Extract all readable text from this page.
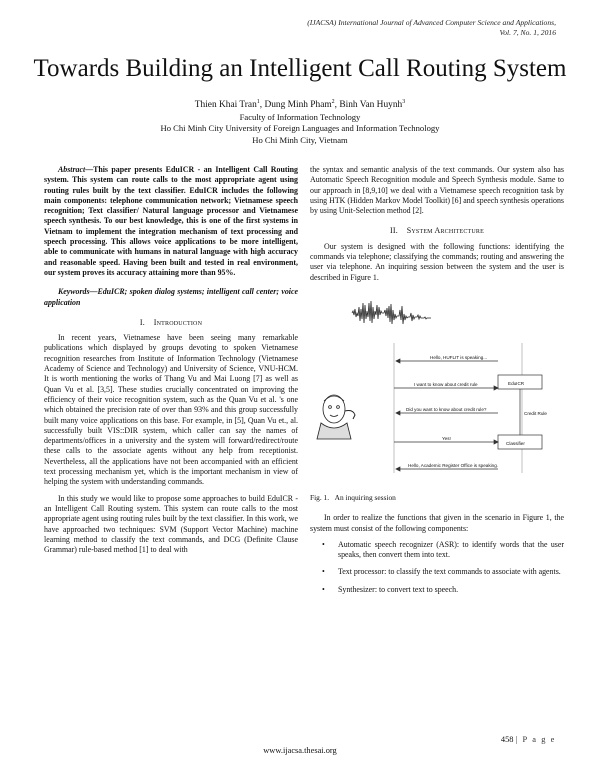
(IJACSA) International Journal of Advanced Computer Science and Applications,
Vol. 7, No. 1, 2016
Towards Building an Intelligent Call Routing System
Thien Khai Tran$^1$, Dung Minh Pham$^2$, Binh Van Huynh$^3$
Faculty of Information Technology
Ho Chi Minh City University of Foreign Languages and Information Technology
Ho Chi Minh City, Vietnam

Abstract—This paper presents EduICR - an Intelligent Call Routing system. This system can route calls to the most appropriate agent using routing rules built by the text classifier. EduICR includes the following main components: telephone communication network; Vietnamese speech recognition; Text classifier/ Natural language processor and Vietnamese speech synthesis. To our best knowledge, this is one of the first systems in Vietnam to implement the integration mechanism of text processing and speech processing. This allows voice applications to be more intelligent, able to communicate with humans in natural language with high accuracy and reasonable speed. Having been built and tested in real environment, our system proves its accuracy attaining more than 95%.

Keywords—EduICR; spoken dialog systems; intelligent call center; voice application

I. Introduction

In recent years, Vietnamese have been seeing many remarkable publications which displayed by groups devoting to spoken Vietnamese recognition researches from Institute of Information Technology (Vietnamese Academy of Science and Technology) and University of Science, VNU-HCM. It is worth mentioning the works of Thang Vu and Mai Luong [7] as well as Quan Vu et al. [3,5]. These studies crucially concentrated on improving the efficiency of their voice recognition system, such as the Quan Vu et al. 's one which obtained the precision rate of over than 93% and this group successfully built many voice applications on this base. For example, in [5], Quan Vu et., al. successfully built VIS::DIR system, which caller can say the names of departments/offices in a university and the system will forward/redirect/route these calls to the associate agents without any help from receptionist. Nevertheless, all the applications have not been accompanied with an efficient text processing mechanism yet, which is the important mechanism in view of helping the system with understanding commands.

In this study we would like to propose some approaches to build EduICR - an Intelligent Call Routing system. This system can route calls to the most appropriate agent using routing rules built by the text classifier. In this work, we have approached two techniques: SVM (Support Vector Machine) machine learning method to classify the text commands, and DCG (Definite Clause Grammar) rule-based method [1] to deal with

the syntax and semantic analysis of the text commands. Our system also has Automatic Speech Recognition module and Speech Synthesis module. Same to our approach in [8,9,10] we deal with a Vietnamese speech recognition task by using HTK (Hidden Markov Model Toolkit) [6] and speech synthesis operations by using Unit-Selection method [2].

II. System Architecture

Our system is designed with the following functions: identifying the commands via telephone; classifying the commands; routing and answering the user via telephone. An inquiring session between the system and the user is described in Figure 1.

Hello, HUFLIT is speaking...
I want to know about credit rule
Did you want to know about credit rule?
Yes!
Hello, Academic Register Office is speaking.
EduICR
Credit Rule
Classifier

Fig. 1. An inquiring session

In order to realize the functions that given in the scenario in Figure 1, the system must consist of the following components:

• Automatic speech recognizer (ASR): to identify words that the user speaks, then convert them into text.
• Text processor: to classify the text commands to associate with agents.
• Synthesizer: to convert text to speech.
458 | P a g e
www.ijacsa.thesai.org
